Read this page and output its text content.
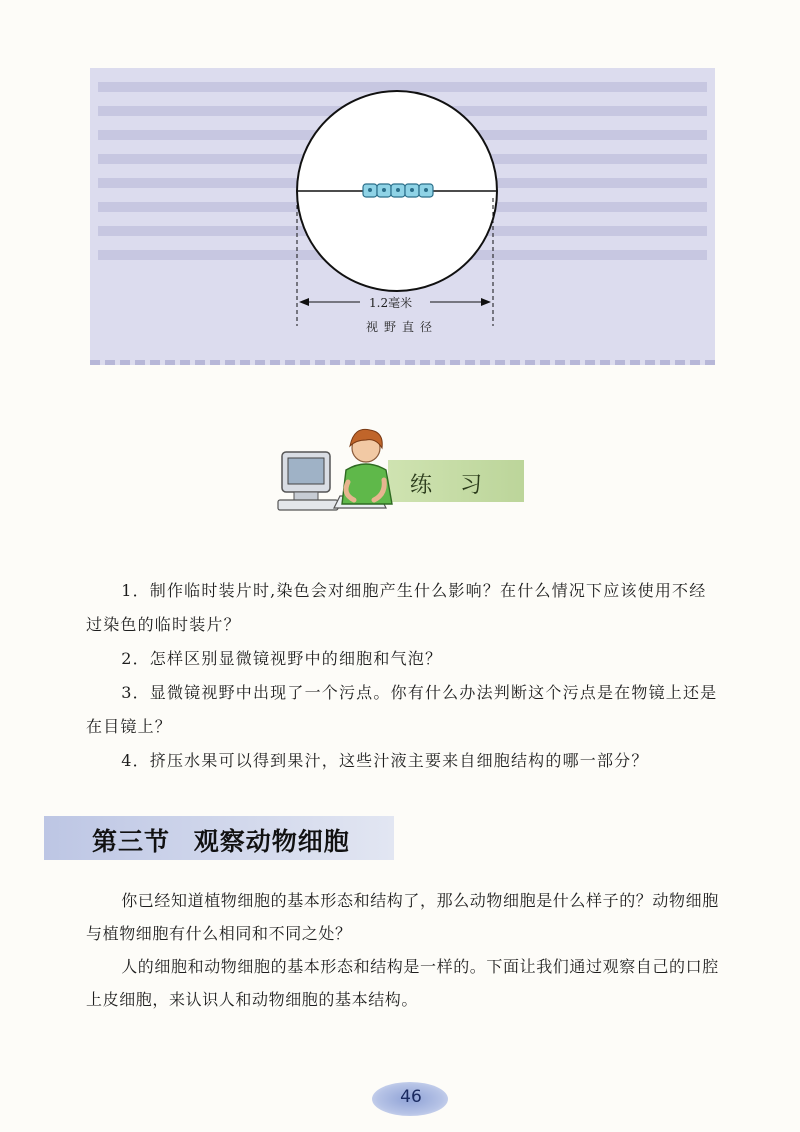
1.2毫米
视野直径
练习

1．制作临时装片时,染色会对细胞产生什么影响？在什么情况下应该使用不经过染色的临时装片？

2．怎样区别显微镜视野中的细胞和气泡？

3．显微镜视野中出现了一个污点。你有什么办法判断这个污点是在物镜上还是在目镜上？

4．挤压水果可以得到果汁，这些汁液主要来自细胞结构的哪一部分？

第三节 观察动物细胞

你已经知道植物细胞的基本形态和结构了，那么动物细胞是什么样子的？动物细胞与植物细胞有什么相同和不同之处？

人的细胞和动物细胞的基本形态和结构是一样的。下面让我们通过观察自己的口腔上皮细胞，来认识人和动物细胞的基本结构。

46
